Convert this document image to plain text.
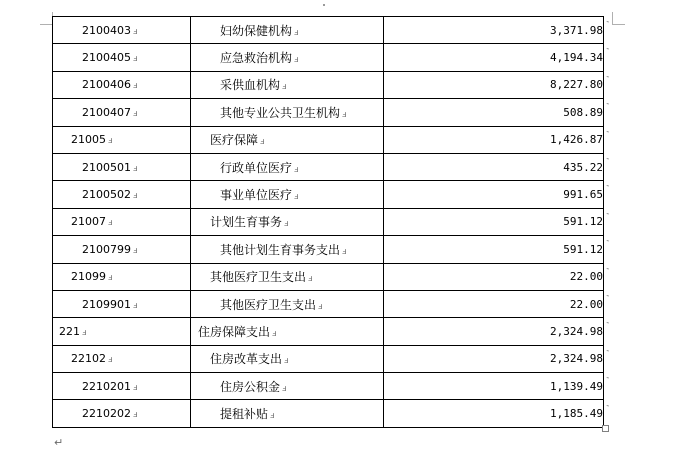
2100403 ⅎ	妇幼保健机构 ⅎ	3,371.98
2100405 ⅎ	应急救治机构 ⅎ	4,194.34
2100406 ⅎ	采供血机构 ⅎ	8,227.80
2100407 ⅎ	其他专业公共卫生机构 ⅎ	508.89
21005 ⅎ	医疗保障 ⅎ	1,426.87
2100501 ⅎ	行政单位医疗 ⅎ	435.22
2100502 ⅎ	事业单位医疗 ⅎ	991.65
21007 ⅎ	计划生育事务 ⅎ	591.12
2100799 ⅎ	其他计划生育事务支出 ⅎ	591.12
21099 ⅎ	其他医疗卫生支出 ⅎ	22.00
2109901 ⅎ	其他医疗卫生支出 ⅎ	22.00
221 ⅎ	住房保障支出 ⅎ	2,324.98
22102 ⅎ	住房改革支出 ⅎ	2,324.98
2210201 ⅎ	住房公积金 ⅎ	1,139.49
2210202 ⅎ	提租补贴 ⅎ	1,185.49
˺
˺
˺
˺
˺
˺
˺
˺
˺
˺
˺
˺
˺
˺
˺
↵
